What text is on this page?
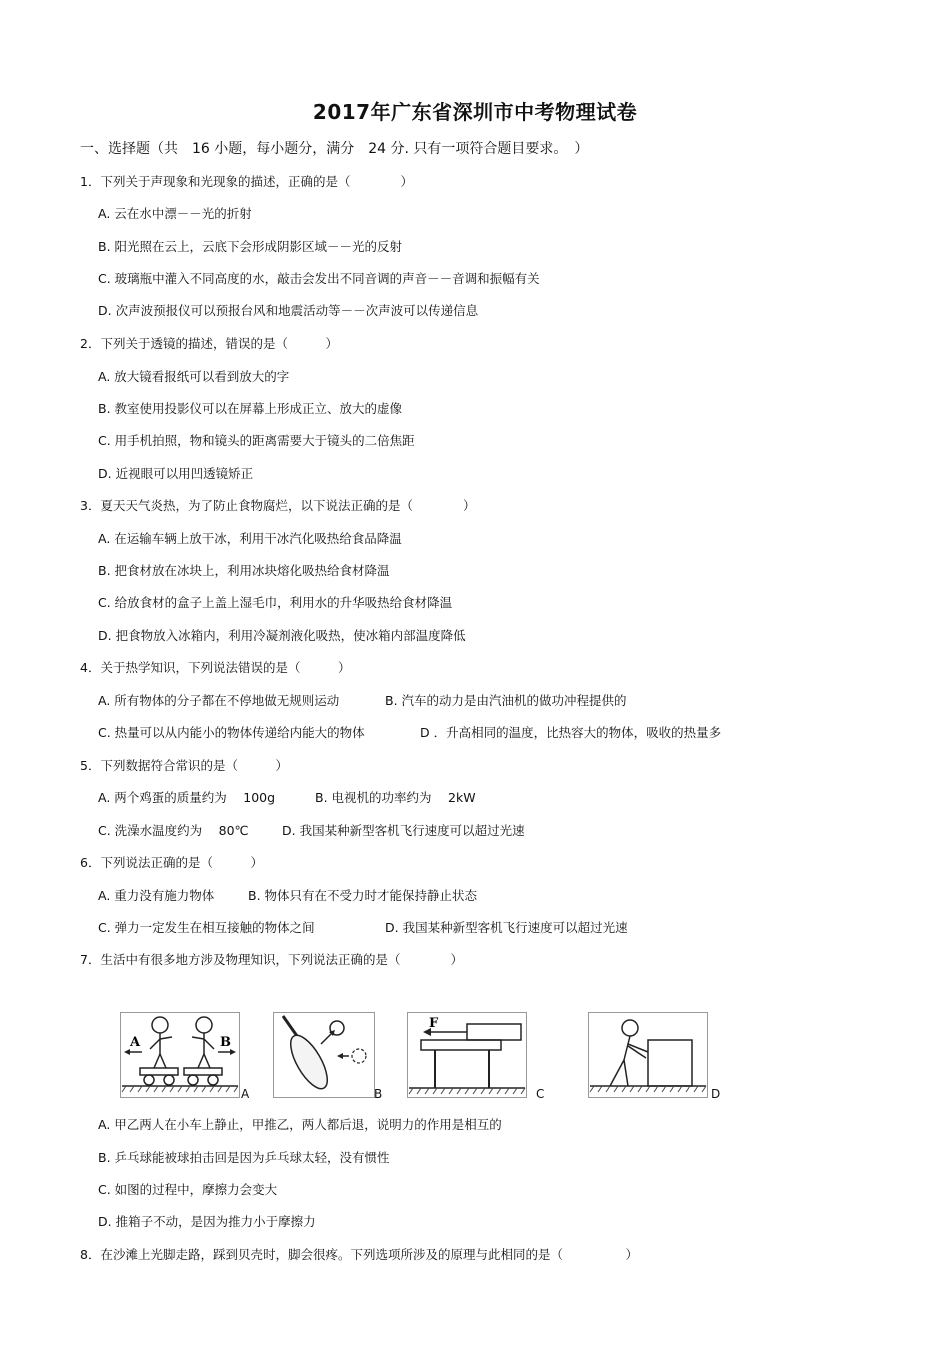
2017年广东省深圳市中考物理试卷
一、选择题（共　16 小题，每小题分，满分　24 分. 只有一项符合题目要求。　）
1．下列关于声现象和光现象的描述，正确的是（　　　　）
A. 云在水中漂－－光的折射
B. 阳光照在云上，云底下会形成阴影区域－－光的反射
C. 玻璃瓶中灌入不同高度的水，敲击会发出不同音调的声音－－音调和振幅有关
D. 次声波预报仪可以预报台风和地震活动等－－次声波可以传递信息
2．下列关于透镜的描述，错误的是（　　　）
A. 放大镜看报纸可以看到放大的字
B. 教室使用投影仪可以在屏幕上形成正立、放大的虚像
C. 用手机拍照，物和镜头的距离需要大于镜头的二倍焦距
D. 近视眼可以用凹透镜矫正
3．夏天天气炎热，为了防止食物腐烂，以下说法正确的是（　　　　）
A. 在运输车辆上放干冰，利用干冰汽化吸热给食品降温
B. 把食材放在冰块上，利用冰块熔化吸热给食材降温
C. 给放食材的盒子上盖上湿毛巾，利用水的升华吸热给食材降温
D. 把食物放入冰箱内，利用冷凝剂液化吸热，使冰箱内部温度降低
4．关于热学知识，下列说法错误的是（　　　）
A. 所有物体的分子都在不停地做无规则运动	B. 汽车的动力是由汽油机的做功冲程提供的
C. 热量可以从内能小的物体传递给内能大的物体	D ．升高相同的温度，比热容大的物体，吸收的热量多
5．下列数据符合常识的是（　　　）
A. 两个鸡蛋的质量约为　 100g	B. 电视机的功率约为　 2kW
C. 洗澡水温度约为　 80℃	D. 我国某种新型客机飞行速度可以超过光速
6．下列说法正确的是（　　　）
A. 重力没有施力物体	B. 物体只有在不受力时才能保持静止状态
C. 弹力一定发生在相互接触的物体之间	D. 我国某种新型客机飞行速度可以超过光速
7．生活中有很多地方涉及物理知识，下列说法正确的是（　　　　）
A	B
A	B
F
C	D
A. 甲乙两人在小车上静止，甲推乙，两人都后退，说明力的作用是相互的
B. 乒乓球能被球拍击回是因为乒乓球太轻，没有惯性
C. 如图的过程中，摩擦力会变大
D. 推箱子不动，是因为推力小于摩擦力
8．在沙滩上光脚走路，踩到贝壳时，脚会很疼。下列选项所涉及的原理与此相同的是（　　　　　）
